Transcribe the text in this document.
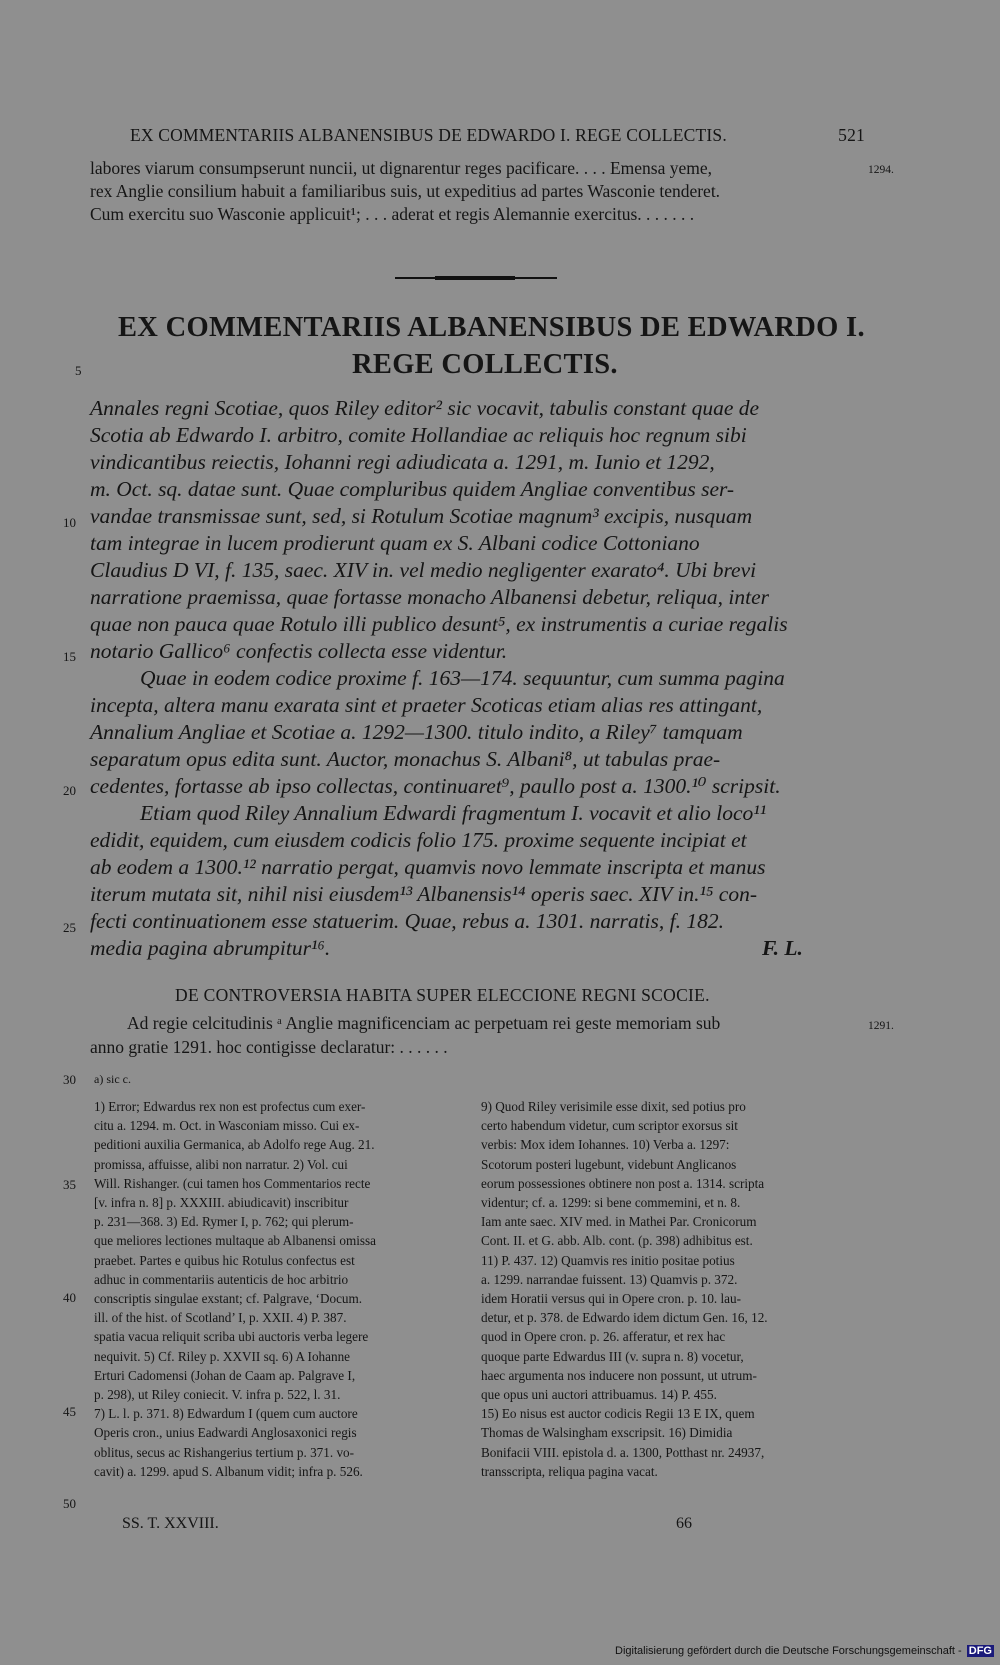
EX COMMENTARIIS ALBANENSIBUS DE EDWARDO I. REGE COLLECTIS.	521
labores viarum consumpserunt nuncii, ut dignarentur reges pacificare. . . . Emensa yeme,
rex Anglie consilium habuit a familiaribus suis, ut expeditius ad partes Wasconie tenderet.
Cum exercitu suo Wasconie applicuit¹; . . . aderat et regis Alemannie exercitus. . . . . . .
1294.
EX COMMENTARIIS ALBANENSIBUS DE EDWARDO I.
REGE COLLECTIS.
5
10
15
20
25
30
35
40
45
50
Annales regni Scotiae, quos Riley editor² sic vocavit, tabulis constant quae de
Scotia ab Edwardo I. arbitro, comite Hollandiae ac reliquis hoc regnum sibi
vindicantibus reiectis, Iohanni regi adiudicata a. 1291, m. Iunio et 1292,
m. Oct. sq. datae sunt. Quae compluribus quidem Angliae conventibus ser-
vandae transmissae sunt, sed, si Rotulum Scotiae magnum³ excipis, nusquam
tam integrae in lucem prodierunt quam ex S. Albani codice Cottoniano
Claudius D VI, f. 135, saec. XIV in. vel medio negligenter exarato⁴. Ubi brevi
narratione praemissa, quae fortasse monacho Albanensi debetur, reliqua, inter
quae non pauca quae Rotulo illi publico desunt⁵, ex instrumentis a curiae regalis
notario Gallico⁶ confectis collecta esse videntur.
Quae in eodem codice proxime f. 163—174. sequuntur, cum summa pagina
incepta, altera manu exarata sint et praeter Scoticas etiam alias res attingant,
Annalium Angliae et Scotiae a. 1292—1300. titulo indito, a Riley⁷ tamquam
separatum opus edita sunt. Auctor, monachus S. Albani⁸, ut tabulas prae-
cedentes, fortasse ab ipso collectas, continuaret⁹, paullo post a. 1300.¹⁰ scripsit.
Etiam quod Riley Annalium Edwardi fragmentum I. vocavit et alio loco¹¹
edidit, equidem, cum eiusdem codicis folio 175. proxime sequente incipiat et
ab eodem a 1300.¹² narratio pergat, quamvis novo lemmate inscripta et manus
iterum mutata sit, nihil nisi eiusdem¹³ Albanensis¹⁴ operis saec. XIV in.¹⁵ con-
fecti continuationem esse statuerim. Quae, rebus a. 1301. narratis, f. 182.
media pagina abrumpitur¹⁶.	F. L.
DE CONTROVERSIA HABITA SUPER ELECCIONE REGNI SCOCIE.
Ad regie celcitudinis ᵃ Anglie magnificenciam ac perpetuam rei geste memoriam sub
anno gratie 1291. hoc contigisse declaratur: . . . . . .
1291.
a) sic c.
1) Error; Edwardus rex non est profectus cum exer-
citu a. 1294. m. Oct. in Wasconiam misso. Cui ex-
peditioni auxilia Germanica, ab Adolfo rege Aug. 21.
promissa, affuisse, alibi non narratur. 2) Vol. cui
Will. Rishanger. (cui tamen hos Commentarios recte
[v. infra n. 8] p. XXXIII. abiudicavit) inscribitur
p. 231—368. 3) Ed. Rymer I, p. 762; qui plerum-
que meliores lectiones multaque ab Albanensi omissa
praebet. Partes e quibus hic Rotulus confectus est
adhuc in commentariis autenticis de hoc arbitrio
conscriptis singulae exstant; cf. Palgrave, ‘Docum.
ill. of the hist. of Scotland’ I, p. XXII. 4) P. 387.
spatia vacua reliquit scriba ubi auctoris verba legere
nequivit. 5) Cf. Riley p. XXVII sq. 6) A Iohanne
Erturi Cadomensi (Johan de Caam ap. Palgrave I,
p. 298), ut Riley coniecit. V. infra p. 522, l. 31.
7) L. l. p. 371. 8) Edwardum I (quem cum auctore
Operis cron., unius Eadwardi Anglosaxonici regis
oblitus, secus ac Rishangerius tertium p. 371. vo-
cavit) a. 1299. apud S. Albanum vidit; infra p. 526.
9) Quod Riley verisimile esse dixit, sed potius pro
certo habendum videtur, cum scriptor exorsus sit
verbis: Mox idem Iohannes. 10) Verba a. 1297:
Scotorum posteri lugebunt, videbunt Anglicanos
eorum possessiones obtinere non post a. 1314. scripta
videntur; cf. a. 1299: si bene commemini, et n. 8.
Iam ante saec. XIV med. in Mathei Par. Cronicorum
Cont. II. et G. abb. Alb. cont. (p. 398) adhibitus est.
11) P. 437. 12) Quamvis res initio positae potius
a. 1299. narrandae fuissent. 13) Quamvis p. 372.
idem Horatii versus qui in Opere cron. p. 10. lau-
detur, et p. 378. de Edwardo idem dictum Gen. 16, 12.
quod in Opere cron. p. 26. afferatur, et rex hac
quoque parte Edwardus III (v. supra n. 8) vocetur,
haec argumenta nos inducere non possunt, ut utrum-
que opus uni auctori attribuamus. 14) P. 455.
15) Eo nisus est auctor codicis Regii 13 E IX, quem
Thomas de Walsingham exscripsit. 16) Dimidia
Bonifacii VIII. epistola d. a. 1300, Potthast nr. 24937,
transscripta, reliqua pagina vacat.
SS. T. XXVIII.	66
Digitalisierung gefördert durch die Deutsche Forschungsgemeinschaft - DFG
